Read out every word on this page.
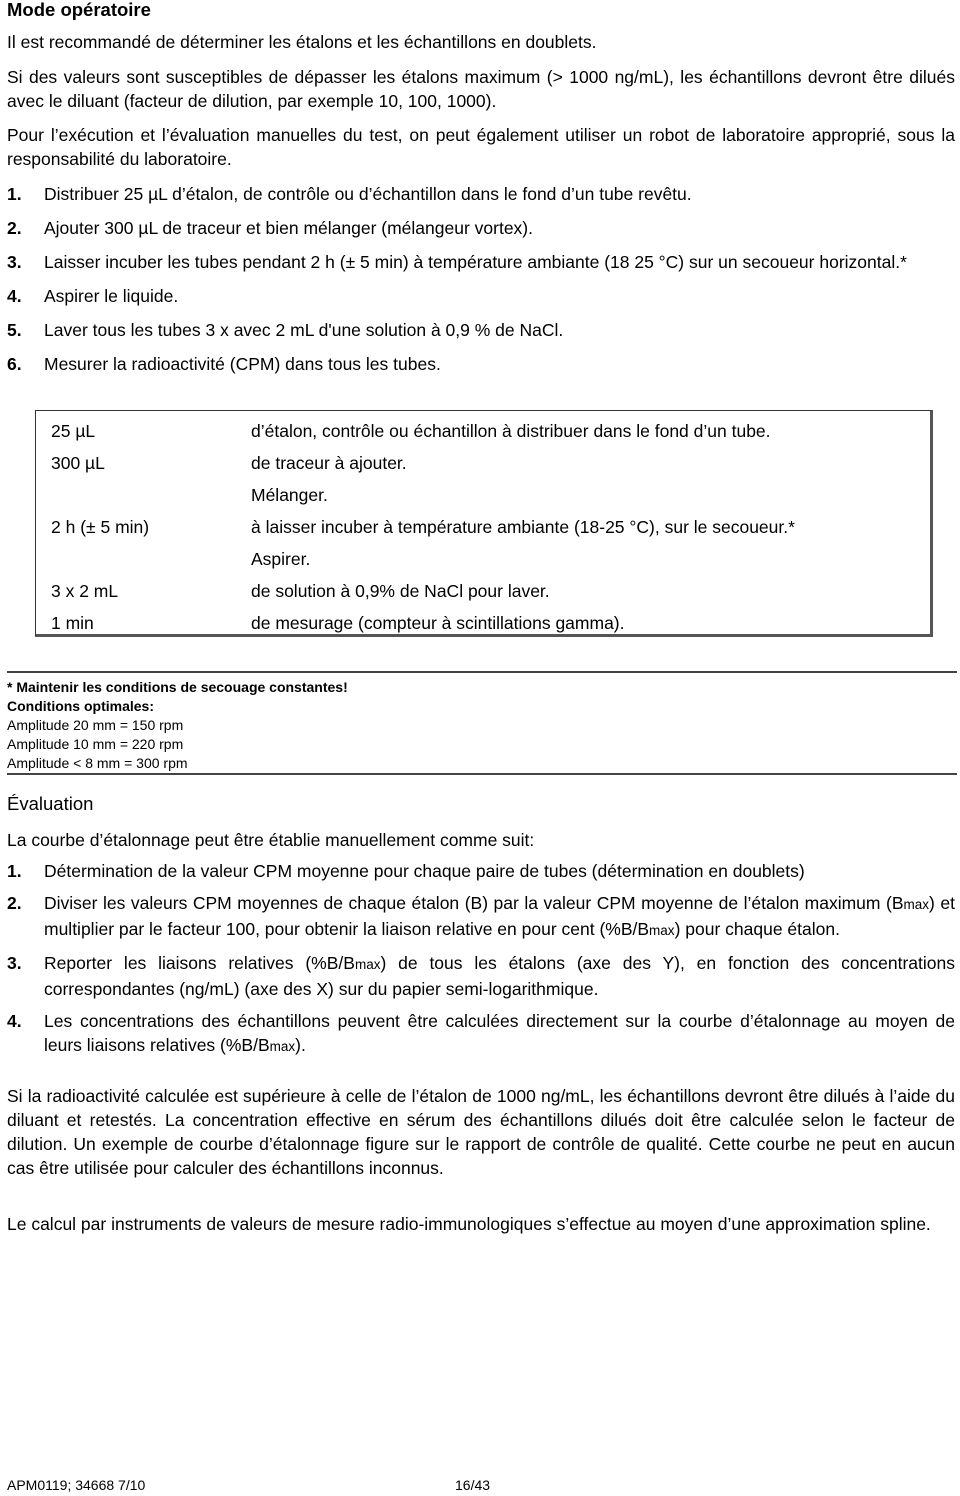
Mode opératoire

Il est recommandé de déterminer les étalons et les échantillons en doublets.

Si des valeurs sont susceptibles de dépasser les étalons maximum (> 1000 ng/mL), les échantillons devront être dilués avec le diluant (facteur de dilution, par exemple 10, 100, 1000).

Pour l’exécution et l’évaluation manuelles du test, on peut également utiliser un robot de laboratoire approprié, sous la responsabilité du laboratoire.

1. Distribuer 25 µL d’étalon, de contrôle ou d’échantillon dans le fond d’un tube revêtu.
2. Ajouter 300 µL de traceur et bien mélanger (mélangeur vortex).
3. Laisser incuber les tubes pendant 2 h (± 5 min) à température ambiante (18 25 °C) sur un secoueur horizontal.*
4. Aspirer le liquide.
5. Laver tous les tubes 3 x avec 2 mL d'une solution à 0,9 % de NaCl.
6. Mesurer la radioactivité (CPM) dans tous les tubes.
25 µL	d’étalon, contrôle ou échantillon à distribuer dans le fond d’un tube.
300 µL	de traceur à ajouter.
Mélanger.
2 h (± 5 min)	à laisser incuber à température ambiante (18-25 °C), sur le secoueur.*
Aspirer.
3 x 2 mL	de solution à 0,9% de NaCl pour laver.
1 min	de mesurage (compteur à scintillations gamma).
* Maintenir les conditions de secouage constantes!
Conditions optimales:
Amplitude 20 mm = 150 rpm
Amplitude 10 mm = 220 rpm
Amplitude < 8 mm = 300 rpm
Évaluation

La courbe d’étalonnage peut être établie manuellement comme suit:

1. Détermination de la valeur CPM moyenne pour chaque paire de tubes (détermination en doublets)
2. Diviser les valeurs CPM moyennes de chaque étalon (B) par la valeur CPM moyenne de l’étalon maximum (Bmax) et multiplier par le facteur 100, pour obtenir la liaison relative en pour cent (%B/Bmax) pour chaque étalon.
3. Reporter les liaisons relatives (%B/Bmax) de tous les étalons (axe des Y), en fonction des concentrations correspondantes (ng/mL) (axe des X) sur du papier semi-logarithmique.
4. Les concentrations des échantillons peuvent être calculées directement sur la courbe d’étalonnage au moyen de leurs liaisons relatives (%B/Bmax).

Si la radioactivité calculée est supérieure à celle de l’étalon de 1000 ng/mL, les échantillons devront être dilués à l’aide du diluant et retestés. La concentration effective en sérum des échantillons dilués doit être calculée selon le facteur de dilution. Un exemple de courbe d’étalonnage figure sur le rapport de contrôle de qualité. Cette courbe ne peut en aucun cas être utilisée pour calculer des échantillons inconnus.

Le calcul par instruments de valeurs de mesure radio-immunologiques s’effectue au moyen d’une approximation spline.

APM0119; 34668 7/10	16/43
